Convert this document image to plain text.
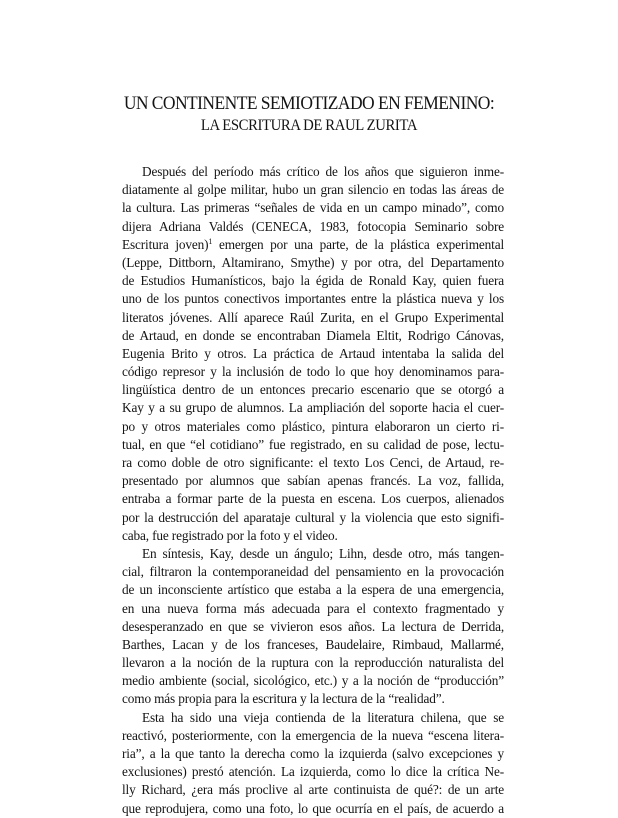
UN CONTINENTE SEMIOTIZADO EN FEMENINO:
LA ESCRITURA DE RAUL ZURITA
Después del período más crítico de los años que siguieron inme-
diatamente al golpe militar, hubo un gran silencio en todas las áreas de
la cultura. Las primeras “señales de vida en un campo minado”, como
dijera Adriana Valdés (CENECA, 1983, fotocopia Seminario sobre
Escritura joven)$^1$ emergen por una parte, de la plástica experimental
(Leppe, Dittborn, Altamirano, Smythe) y por otra, del Departamento
de Estudios Humanísticos, bajo la égida de Ronald Kay, quien fuera
uno de los puntos conectivos importantes entre la plástica nueva y los
literatos jóvenes. Allí aparece Raúl Zurita, en el Grupo Experimental
de Artaud, en donde se encontraban Diamela Eltit, Rodrigo Cánovas,
Eugenia Brito y otros. La práctica de Artaud intentaba la salida del
código represor y la inclusión de todo lo que hoy denominamos para-
lingüística dentro de un entonces precario escenario que se otorgó a
Kay y a su grupo de alumnos. La ampliación del soporte hacia el cuer-
po y otros materiales como plástico, pintura elaboraron un cierto ri-
tual, en que “el cotidiano” fue registrado, en su calidad de pose, lectu-
ra como doble de otro significante: el texto Los Cenci, de Artaud, re-
presentado por alumnos que sabían apenas francés. La voz, fallida,
entraba a formar parte de la puesta en escena. Los cuerpos, alienados
por la destrucción del aparataje cultural y la violencia que esto signifi-
caba, fue registrado por la foto y el video.
En síntesis, Kay, desde un ángulo; Lihn, desde otro, más tangen-
cial, filtraron la contemporaneidad del pensamiento en la provocación
de un inconsciente artístico que estaba a la espera de una emergencia,
en una nueva forma más adecuada para el contexto fragmentado y
desesperanzado en que se vivieron esos años. La lectura de Derrida,
Barthes, Lacan y de los franceses, Baudelaire, Rimbaud, Mallarmé,
llevaron a la noción de la ruptura con la reproducción naturalista del
medio ambiente (social, sicológico, etc.) y a la noción de “producción”
como más propia para la escritura y la lectura de la “realidad”.
Esta ha sido una vieja contienda de la literatura chilena, que se
reactivó, posteriormente, con la emergencia de la nueva “escena litera-
ria”, a la que tanto la derecha como la izquierda (salvo excepciones y
exclusiones) prestó atención. La izquierda, como lo dice la crítica Ne-
lly Richard, ¿era más proclive al arte continuista de qué?: de un arte
que reprodujera, como una foto, lo que ocurría en el país, de acuerdo a
